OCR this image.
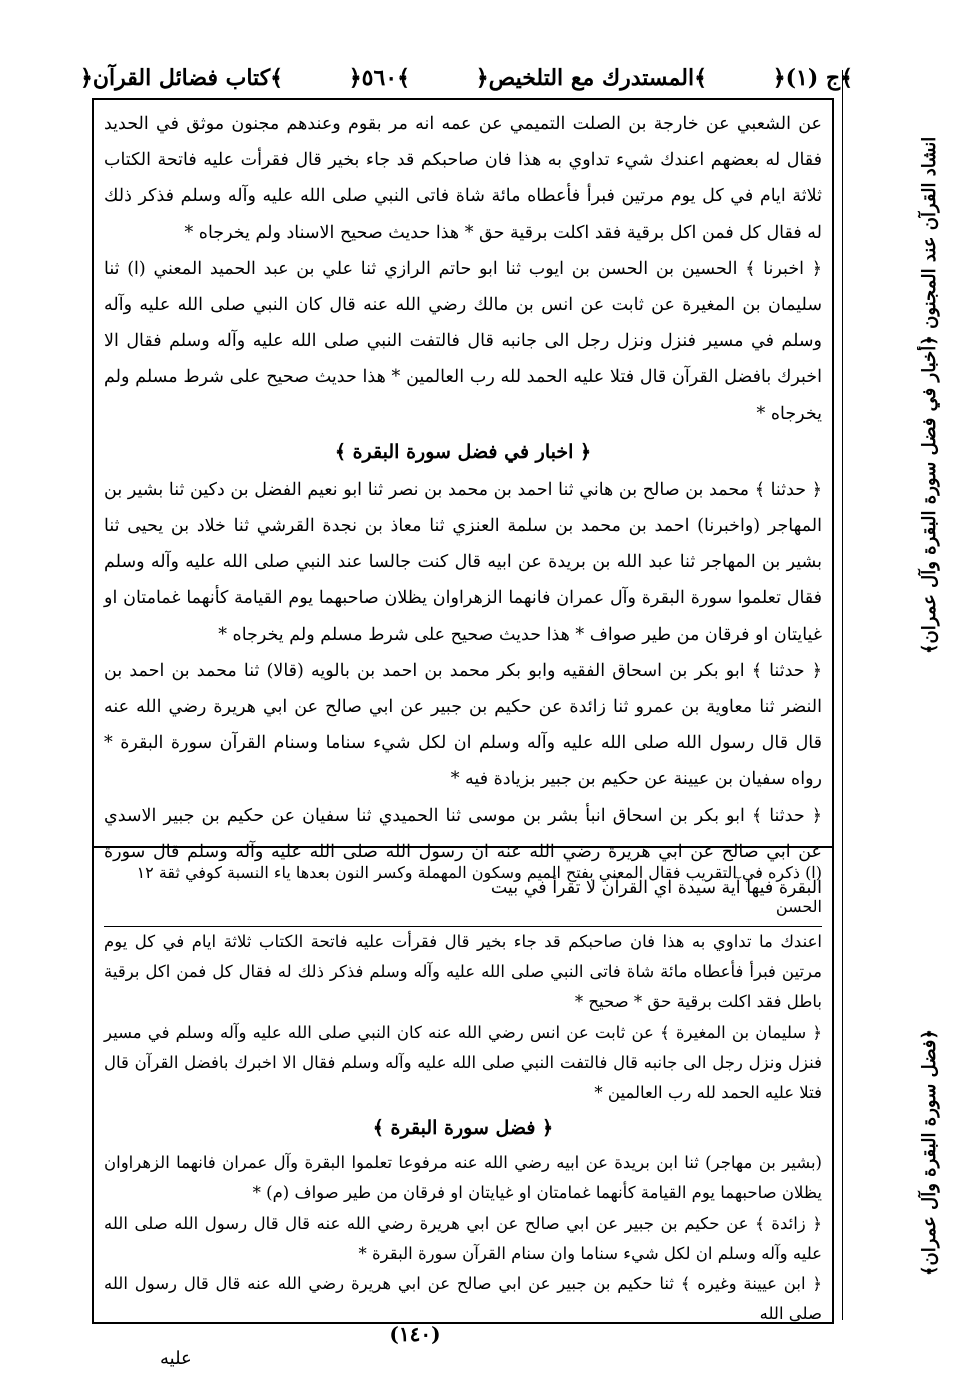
﴿ج (١)﴾
﴿المستدرك مع التلخيص﴾
﴿٥٦٠﴾
﴿كتاب فضائل القرآن﴾
انشاد القرآن عند المجنون ﴿أخبار في فضل سورة البقرة وآل عمران﴾
﴿فضل سورة البقرة وآل عمران﴾

عن الشعبي عن خارجة بن الصلت التميمي عن عمه انه مر بقوم وعندهم مجنون موثق في الحديد فقال له بعضهم اعندك شيء تداوي به هذا فان صاحبكم قد جاء بخير قال فقرأت عليه فاتحة الكتاب ثلاثة ايام في كل يوم مرتين فبرأ فأعطاه مائة شاة فاتى النبي صلى الله عليه وآله وسلم فذكر ذلك له فقال كل فمن اكل برقية فقد اكلت برقية حق * هذا حديث صحيح الاسناد ولم يخرجاه *

﴿ اخبرنا ﴾ الحسين بن الحسن بن ايوب ثنا ابو حاتم الرازي ثنا علي بن عبد الحميد المعني (ا) ثنا سليمان بن المغيرة عن ثابت عن انس بن مالك رضي الله عنه قال كان النبي صلى الله عليه وآله وسلم في مسير فنزل ونزل رجل الى جانبه قال فالتفت النبي صلى الله عليه وآله وسلم فقال الا اخبرك بافضل القرآن قال فتلا عليه الحمد لله رب العالمين * هذا حديث صحيح على شرط مسلم ولم يخرجاه *

﴿ اخبار في فضل سورة البقرة ﴾

﴿ حدثنا ﴾ محمد بن صالح بن هاني ثنا احمد بن محمد بن نصر ثنا ابو نعيم الفضل بن دكين ثنا بشير بن المهاجر (واخبرنا) احمد بن محمد بن سلمة العنزي ثنا معاذ بن نجدة القرشي ثنا خلاد بن يحيى ثنا بشير بن المهاجر ثنا عبد الله بن بريدة عن ابيه قال كنت جالسا عند النبي صلى الله عليه وآله وسلم فقال تعلموا سورة البقرة وآل عمران فانهما الزهراوان يظلان صاحبهما يوم القيامة كأنهما غمامتان او غيايتان او فرقان من طير صواف * هذا حديث صحيح على شرط مسلم ولم يخرجاه *

﴿ حدثنا ﴾ ابو بكر بن اسحاق الفقيه وابو بكر محمد بن احمد بن بالويه (قالا) ثنا محمد بن احمد بن النضر ثنا معاوية بن عمرو ثنا زائدة عن حكيم بن جبير عن ابي صالح عن ابي هريرة رضي الله عنه قال قال رسول الله صلى الله عليه وآله وسلم ان لكل شيء سناما وسنام القرآن سورة البقرة * رواه سفيان بن عيينة عن حكيم بن جبير بزيادة فيه *

﴿ حدثنا ﴾ ابو بكر بن اسحاق انبأ بشر بن موسى ثنا الحميدي ثنا سفيان عن حكيم بن جبير الاسدي عن ابي صالح عن ابي هريرة رضي الله عنه ان رسول الله صلى الله عليه وآله وسلم قال سورة البقرة فيها آية سيدة اي القرآن لا تقرأ في بيت

(ا) ذكره في التقريب فقال المعني بفتح الميم وسكون المهملة وكسر النون بعدها ياء النسبة كوفي ثقة ١٢ الحسن

اعندك ما تداوي به هذا فان صاحبكم قد جاء بخير قال فقرأت عليه فاتحة الكتاب ثلاثة ايام في كل يوم مرتين فبرأ فأعطاه مائة شاة فاتى النبي صلى الله عليه وآله وسلم فذكر ذلك له فقال كل فمن اكل برقية باطل فقد اكلت برقية حق * صحيح *

﴿ سليمان بن المغيرة ﴾ عن ثابت عن انس رضي الله عنه كان النبي صلى الله عليه وآله وسلم في مسير فنزل ونزل رجل الى جانبه قال فالتفت النبي صلى الله عليه وآله وسلم فقال الا اخبرك بافضل القرآن قال فتلا عليه الحمد لله رب العالمين *

﴿ فضل سورة البقرة ﴾

(بشير بن مهاجر) ثنا ابن بريدة عن ابيه رضي الله عنه مرفوعا تعلموا البقرة وآل عمران فانهما الزهراوان يظلان صاحبهما يوم القيامة كأنهما غمامتان او غيايتان او فرقان من طير صواف (م) *

﴿ زائدة ﴾ عن حكيم بن جبير عن ابي صالح عن ابي هريرة رضي الله عنه قال قال رسول الله صلى الله عليه وآله وسلم ان لكل شيء سناما وان سنام القرآن سورة البقرة *

﴿ ابن عيينة وغيره ﴾ ثنا حكيم بن جبير عن ابي صالح عن ابي هريرة رضي الله عنه قال قال رسول الله صلى الله

(١٤٠)
عليه
